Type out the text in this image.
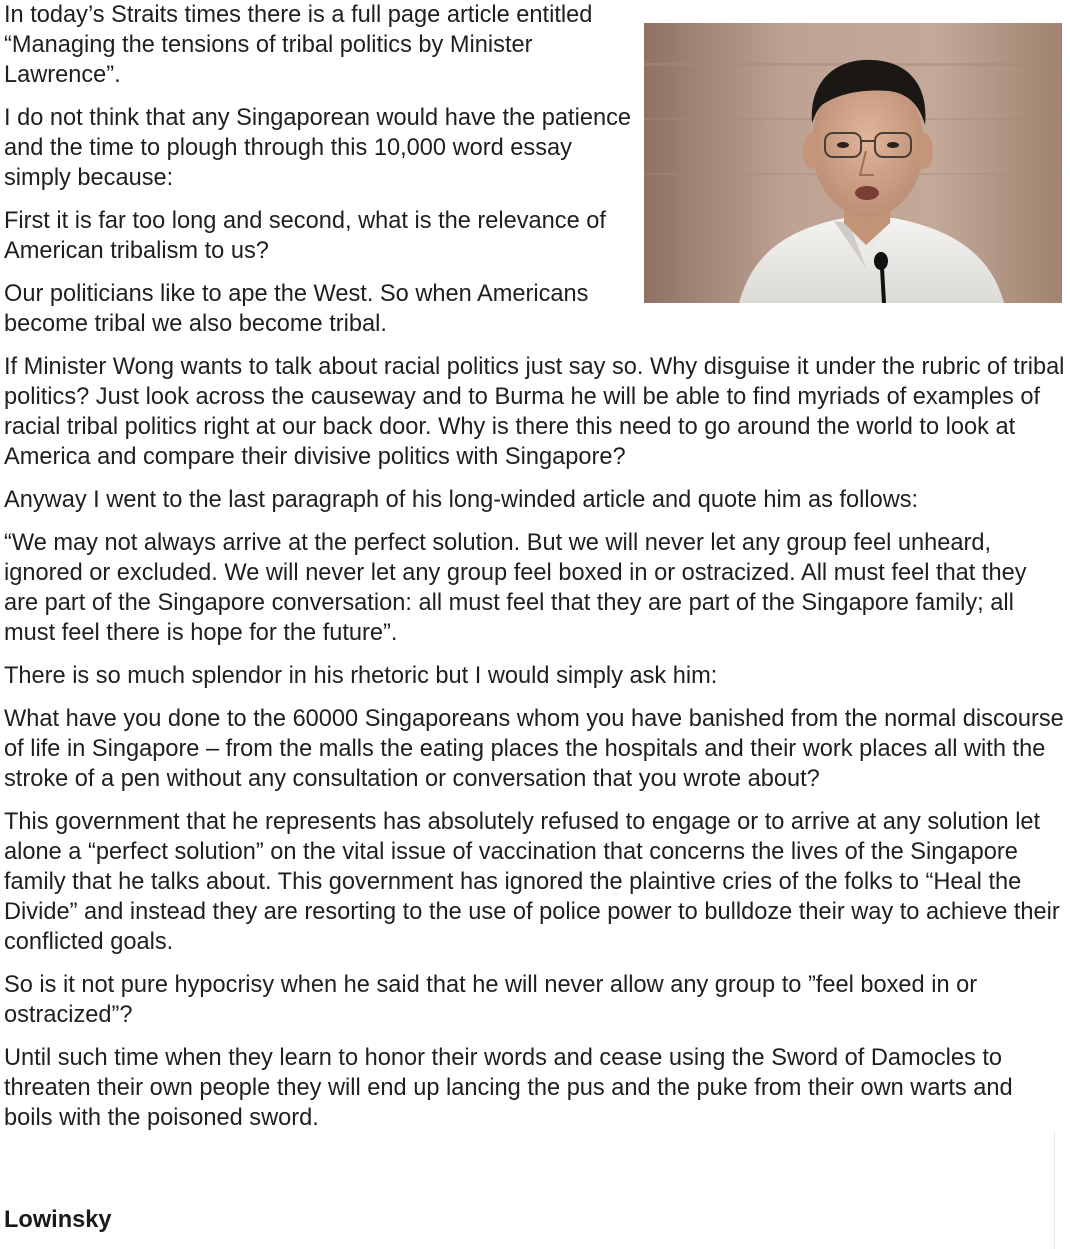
In today’s Straits times there is a full page article entitled “Managing the tensions of tribal politics by Minister Lawrence”.

I do not think that any Singaporean would have the patience and the time to plough through this 10,000 word essay simply because:

First it is far too long and second, what is the relevance of American tribalism to us?

Our politicians like to ape the West. So when Americans become tribal we also become tribal.

If Minister Wong wants to talk about racial politics just say so. Why disguise it under the rubric of tribal politics? Just look across the causeway and to Burma he will be able to find myriads of examples of racial tribal politics right at our back door. Why is there this need to go around the world to look at America and compare their divisive politics with Singapore?

Anyway I went to the last paragraph of his long-winded article and quote him as follows:

“We may not always arrive at the perfect solution. But we will never let any group feel unheard, ignored or excluded. We will never let any group feel boxed in or ostracized. All must feel that they are part of the Singapore conversation: all must feel that they are part of the Singapore family; all must feel there is hope for the future”.

There is so much splendor in his rhetoric but I would simply ask him:

What have you done to the 60000 Singaporeans whom you have banished from the normal discourse of life in Singapore – from the malls the eating places the hospitals and their work places all with the stroke of a pen without any consultation or conversation that you wrote about?

This government that he represents has absolutely refused to engage or to arrive at any solution let alone a “perfect solution” on the vital issue of vaccination that concerns the lives of the Singapore family that he talks about. This government has ignored the plaintive cries of the folks to “Heal the Divide” and instead they are resorting to the use of police power to bulldoze their way to achieve their conflicted goals.

So is it not pure hypocrisy when he said that he will never allow any group to ”feel boxed in or ostracized”?

Until such time when they learn to honor their words and cease using the Sword of Damocles to threaten their own people they will end up lancing the pus and the puke from their own warts and boils with the poisoned sword.

Lowinsky
